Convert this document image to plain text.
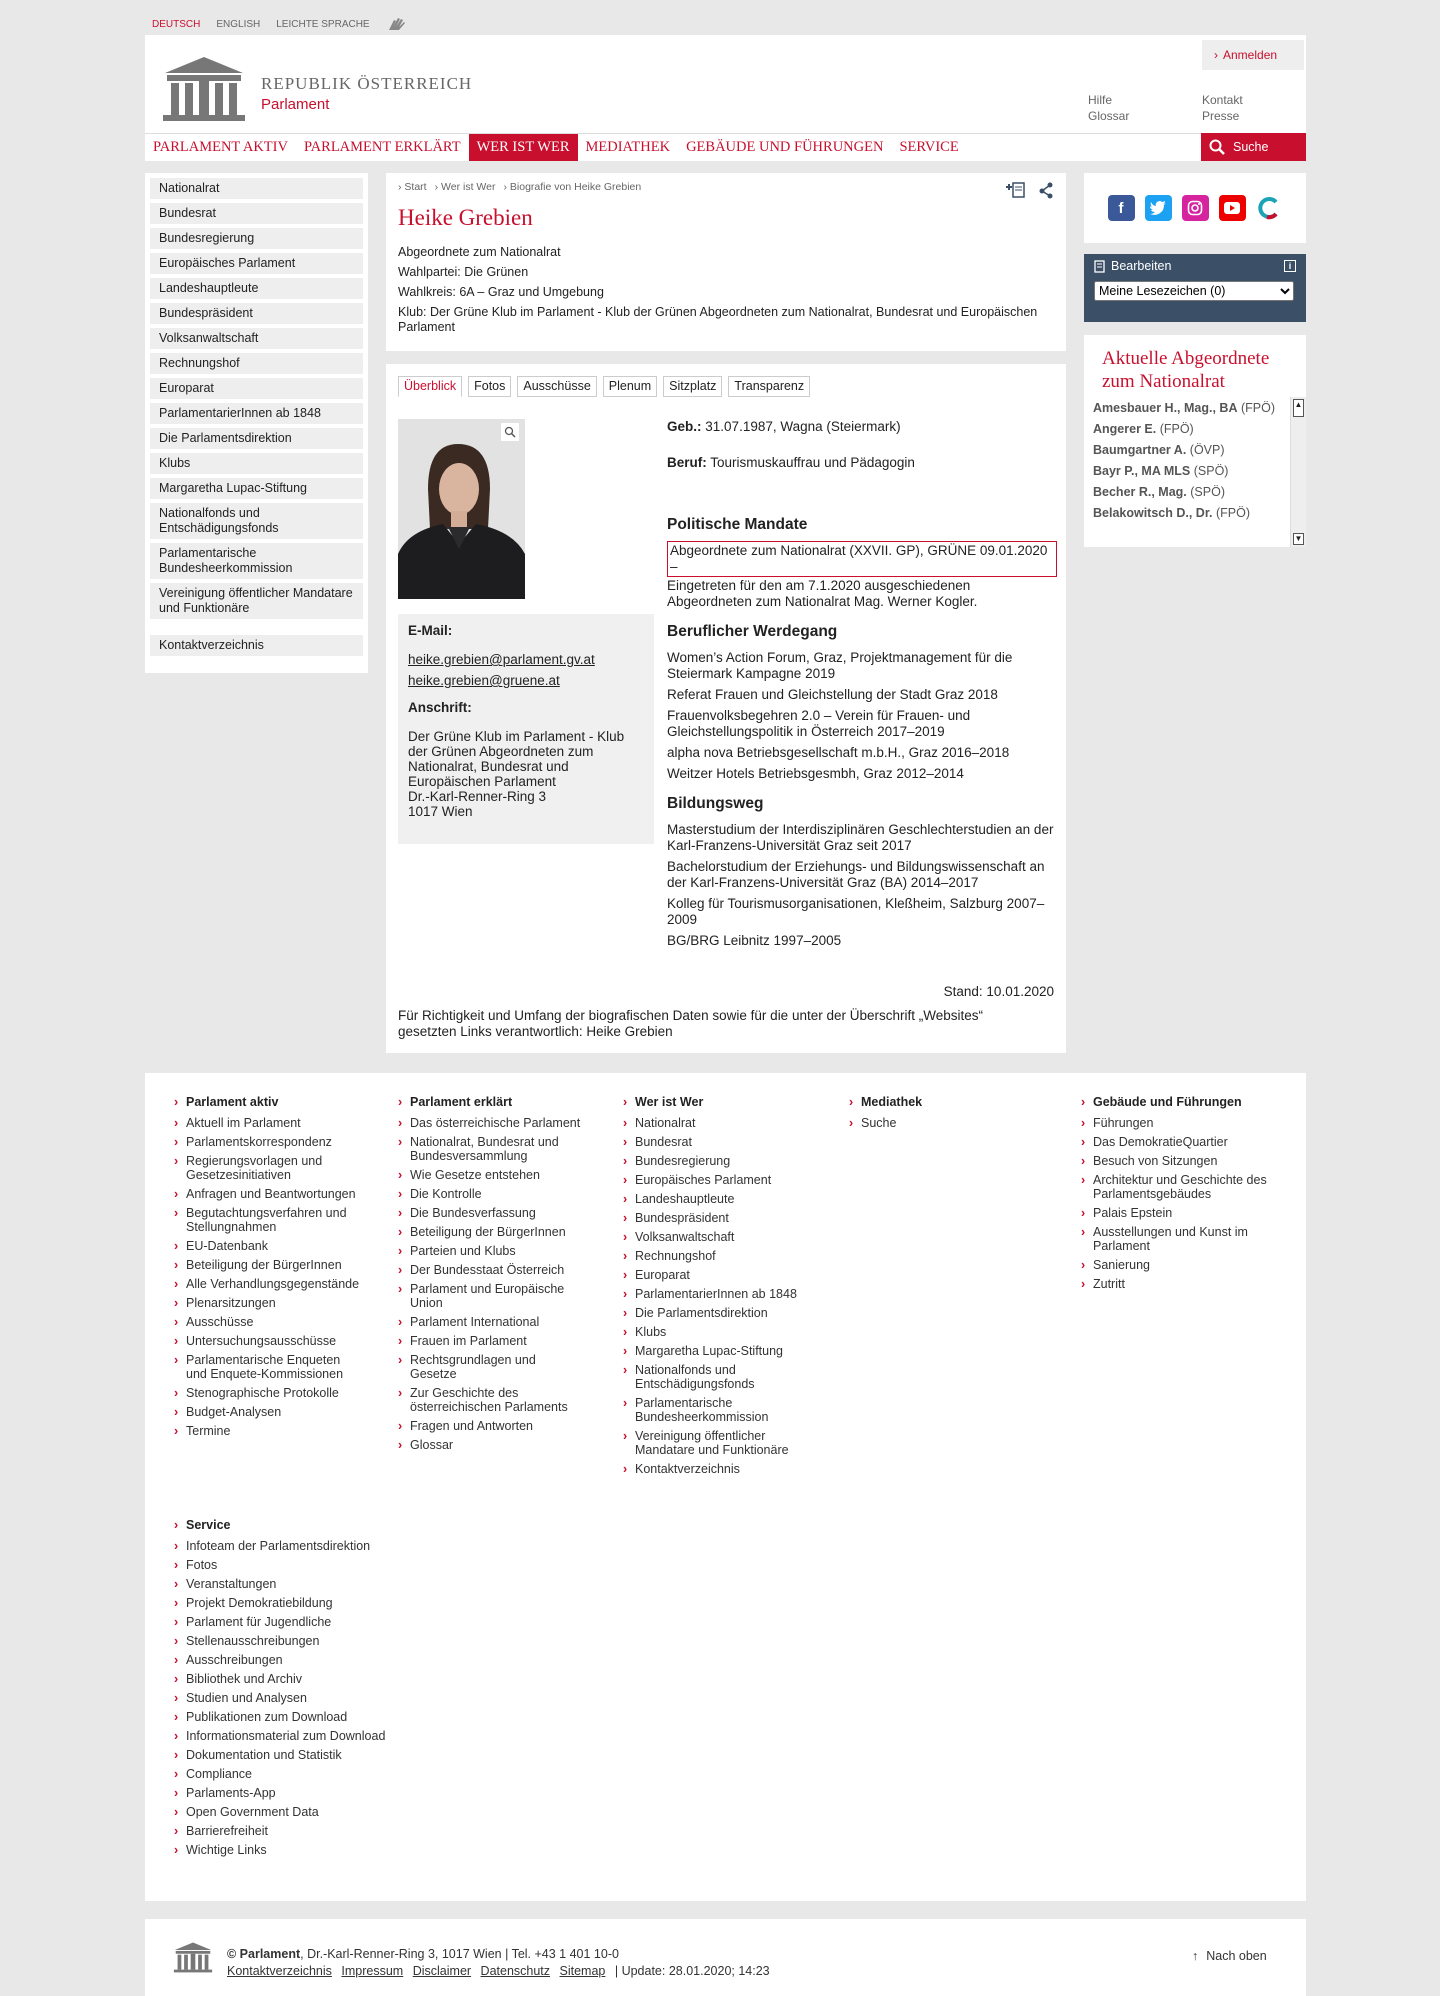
DEUTSCH ENGLISH LEICHTE SPRACHE
REPUBLIK ÖSTERREICH
Parlament
› Anmelden
Hilfe
Glossar
Kontakt
Presse
PARLAMENT AKTIV	PARLAMENT ERKLÄRT	WER IST WER	MEDIATHEK	GEBÄUDE UND FÜHRUNGEN	SERVICE	Suche
Nationalrat
Bundesrat
Bundesregierung
Europäisches Parlament
Landeshauptleute
Bundespräsident
Volksanwaltschaft
Rechnungshof
Europarat
ParlamentarierInnen ab 1848
Die Parlamentsdirektion
Klubs
Margaretha Lupac-Stiftung
Nationalfonds und Entschädigungsfonds
Parlamentarische Bundesheerkommission
Vereinigung öffentlicher Mandatare und Funktionäre
Kontaktverzeichnis
› Start › Wer ist Wer › Biografie von Heike Grebien
Heike Grebien
Abgeordnete zum Nationalrat
Wahlpartei: Die Grünen
Wahlkreis: 6A – Graz und Umgebung
Klub: Der Grüne Klub im Parlament - Klub der Grünen Abgeordneten zum Nationalrat, Bundesrat und Europäischen Parlament
Überblick	Fotos	Ausschüsse	Plenum	Sitzplatz	Transparenz
E-Mail:
heike.grebien@parlament.gv.at
heike.grebien@gruene.at
Anschrift:
Der Grüne Klub im Parlament - Klub der Grünen Abgeordneten zum Nationalrat, Bundesrat und Europäischen Parlament
Dr.-Karl-Renner-Ring 3
1017 Wien
Geb.: 31.07.1987, Wagna (Steiermark)
Beruf: Tourismuskauffrau und Pädagogin
Politische Mandate
Abgeordnete zum Nationalrat (XXVII. GP), GRÜNE 09.01.2020 –
Eingetreten für den am 7.1.2020 ausgeschiedenen Abgeordneten zum Nationalrat Mag. Werner Kogler.
Beruflicher Werdegang
Women’s Action Forum, Graz, Projektmanagement für die Steiermark Kampagne 2019
Referat Frauen und Gleichstellung der Stadt Graz 2018
Frauenvolksbegehren 2.0 – Verein für Frauen- und Gleichstellungspolitik in Österreich 2017–2019
alpha nova Betriebsgesellschaft m.b.H., Graz 2016–2018
Weitzer Hotels Betriebsgesmbh, Graz 2012–2014
Bildungsweg
Masterstudium der Interdisziplinären Geschlechterstudien an der Karl-Franzens-Universität Graz seit 2017
Bachelorstudium der Erziehungs- und Bildungswissenschaft an der Karl-Franzens-Universität Graz (BA) 2014–2017
Kolleg für Tourismusorganisationen, Kleßheim, Salzburg 2007–2009
BG/BRG Leibnitz 1997–2005
Stand: 10.01.2020
Für Richtigkeit und Umfang der biografischen Daten sowie für die unter der Überschrift „Websites“ gesetzten Links verantwortlich: Heike Grebien
f
Bearbeiten	i
Meine Lesezeichen (0)
Aktuelle Abgeordnete zum Nationalrat
Amesbauer H., Mag., BA (FPÖ)
Angerer E. (FPÖ)
Baumgartner A. (ÖVP)
Bayr P., MA MLS (SPÖ)
Becher R., Mag. (SPÖ)
Belakowitsch D., Dr. (FPÖ)
▲
▼
› Parlament aktiv
› Aktuell im Parlament
› Parlamentskorrespondenz
› Regierungsvorlagen und Gesetzesinitiativen
› Anfragen und Beantwortungen
› Begutachtungsverfahren und Stellungnahmen
› EU-Datenbank
› Beteiligung der BürgerInnen
› Alle Verhandlungsgegenstände
› Plenarsitzungen
› Ausschüsse
› Untersuchungsausschüsse
› Parlamentarische Enqueten und Enquete-Kommissionen
› Stenographische Protokolle
› Budget-Analysen
› Termine
› Parlament erklärt
› Das österreichische Parlament
› Nationalrat, Bundesrat und Bundesversammlung
› Wie Gesetze entstehen
› Die Kontrolle
› Die Bundesverfassung
› Beteiligung der BürgerInnen
› Parteien und Klubs
› Der Bundesstaat Österreich
› Parlament und Europäische Union
› Parlament International
› Frauen im Parlament
› Rechtsgrundlagen und Gesetze
› Zur Geschichte des österreichischen Parlaments
› Fragen und Antworten
› Glossar
› Wer ist Wer
› Nationalrat
› Bundesrat
› Bundesregierung
› Europäisches Parlament
› Landeshauptleute
› Bundespräsident
› Volksanwaltschaft
› Rechnungshof
› Europarat
› ParlamentarierInnen ab 1848
› Die Parlamentsdirektion
› Klubs
› Margaretha Lupac-Stiftung
› Nationalfonds und Entschädigungsfonds
› Parlamentarische Bundesheerkommission
› Vereinigung öffentlicher Mandatare und Funktionäre
› Kontaktverzeichnis
› Mediathek
› Suche
› Gebäude und Führungen
› Führungen
› Das DemokratieQuartier
› Besuch von Sitzungen
› Architektur und Geschichte des Parlamentsgebäudes
› Palais Epstein
› Ausstellungen und Kunst im Parlament
› Sanierung
› Zutritt
› Service
› Infoteam der Parlamentsdirektion
› Fotos
› Veranstaltungen
› Projekt Demokratiebildung
› Parlament für Jugendliche
› Stellenausschreibungen
› Ausschreibungen
› Bibliothek und Archiv
› Studien und Analysen
› Publikationen zum Download
› Informationsmaterial zum Download
› Dokumentation und Statistik
› Compliance
› Parlaments-App
› Open Government Data
› Barrierefreiheit
› Wichtige Links
© Parlament, Dr.-Karl-Renner-Ring 3, 1017 Wien | Tel. +43 1 401 10-0
Kontaktverzeichnis Impressum Disclaimer Datenschutz Sitemap | Update: 28.01.2020; 14:23
↑ Nach oben
